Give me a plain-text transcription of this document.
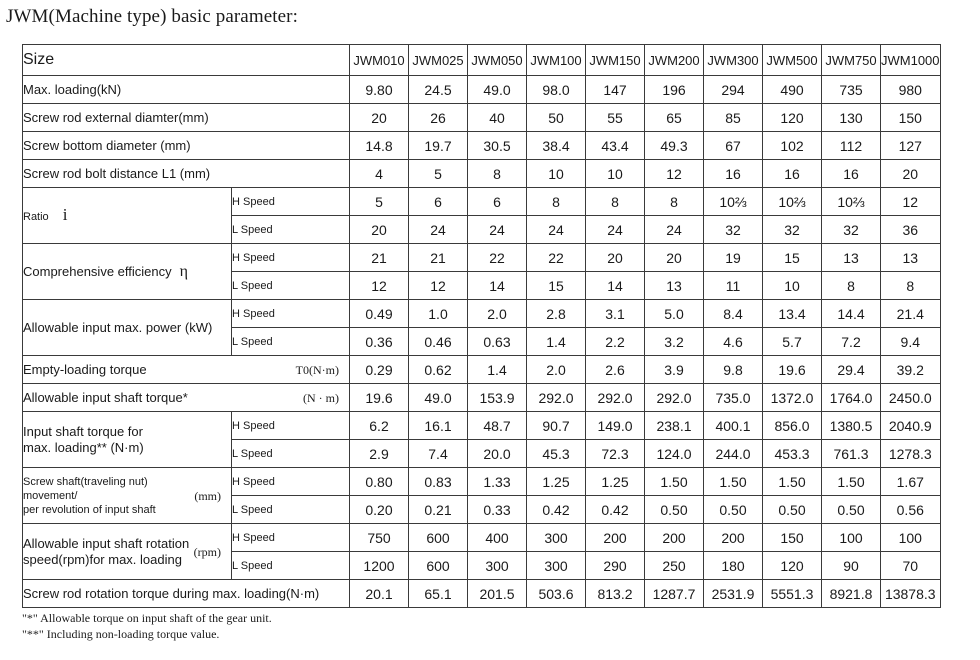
JWM(Machine type) basic parameter:
Size		JWM010	JWM025	JWM050	JWM100	JWM150	JWM200	JWM300	JWM500	JWM750	JWM1000
Max. loading(kN)		9.80	24.5	49.0	98.0	147	196	294	490	735	980
Screw rod external diamter(mm)		20	26	40	50	55	65	85	120	130	150
Screw bottom diameter (mm)		14.8	19.7	30.5	38.4	43.4	49.3	67	102	112	127
Screw rod bolt distance L1 (mm)		4	5	8	10	10	12	16	16	16	20
Ratio i	H Speed	5	6	6	8	8	8	10⅔	10⅔	10⅔	12
	L Speed	20	24	24	24	24	24	32	32	32	36
Comprehensive efficiency η	H Speed	21	21	22	22	20	20	19	15	13	13
	L Speed	12	12	14	15	14	13	11	10	8	8
Allowable input max. power (kW)	H Speed	0.49	1.0	2.0	2.8	3.1	5.0	8.4	13.4	14.4	21.4
	L Speed	0.36	0.46	0.63	1.4	2.2	3.2	4.6	5.7	7.2	9.4

Empty-loading torque T0(N·m)		0.29	0.62	1.4	2.0	2.6	3.9	9.8	19.6	29.4	39.2

Allowable input shaft torque* (N · m)		19.6	49.0	153.9	292.0	292.0	292.0	735.0	1372.0	1764.0	2450.0

Input shaft torque for
max. loading** (N·m)	H Speed	6.2	16.1	48.7	90.7	149.0	238.1	400.1	856.0	1380.5	2040.9
	L Speed	2.9	7.4	20.0	45.3	72.3	124.0	244.0	453.3	761.3	1278.3

Screw shaft(traveling nut) movement/
per revolution of input shaft
(mm)	H Speed	0.80	0.83	1.33	1.25	1.25	1.50	1.50	1.50	1.50	1.67
	L Speed	0.20	0.21	0.33	0.42	0.42	0.50	0.50	0.50	0.50	0.56

Allowable input shaft rotation
speed(rpm)for max. loading (rpm)	H Speed	750	600	400	300	200	200	200	150	100	100
	L Speed	1200	600	300	300	290	250	180	120	90	70
Screw rod rotation torque during max. loading(N·m)		20.1	65.1	201.5	503.6	813.2	1287.7	2531.9	5551.3	8921.8	13878.3
"*" Allowable torque on input shaft of the gear unit.
"**" Including non-loading torque value.
